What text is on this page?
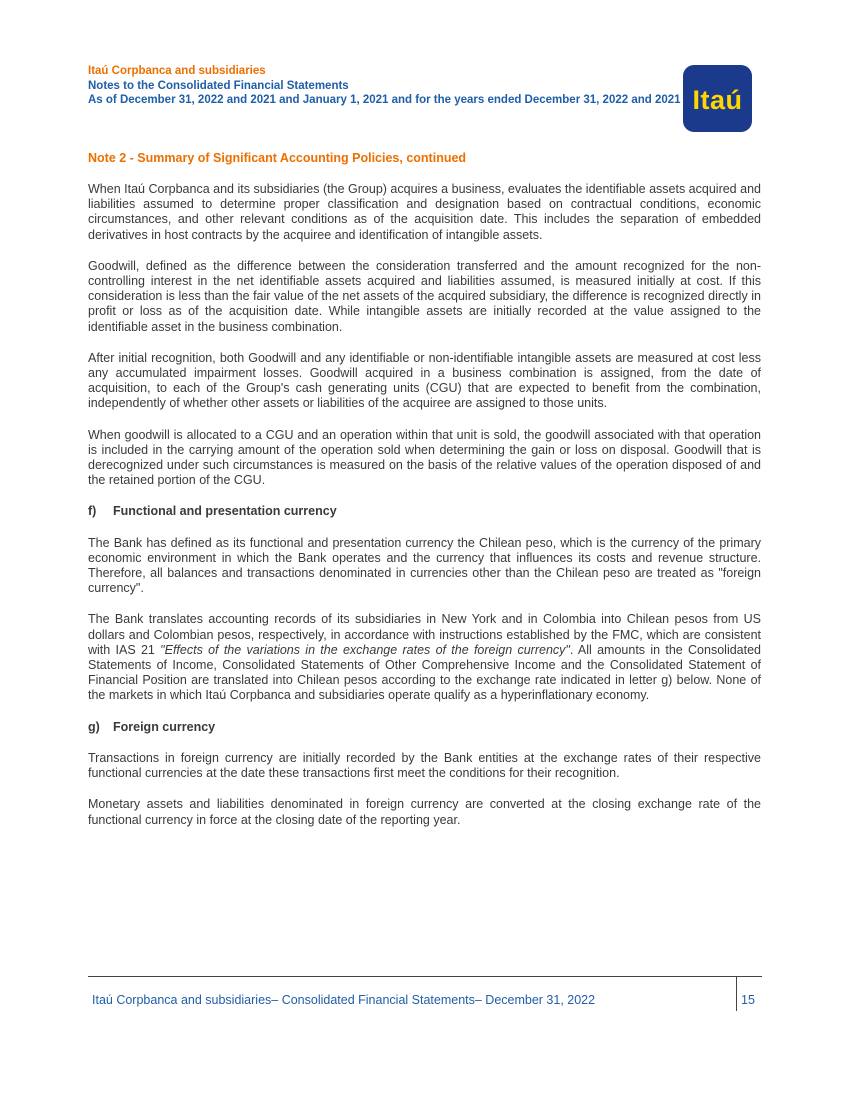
Itaú Corpbanca and subsidiaries
Notes to the Consolidated Financial Statements
As of December 31, 2022 and 2021 and January 1, 2021 and for the years ended December 31, 2022 and 2021 Itaú
Note 2 - Summary of Significant Accounting Policies, continued

When Itaú Corpbanca and its subsidiaries (the Group) acquires a business, evaluates the identifiable assets acquired and liabilities assumed to determine proper classification and designation based on contractual conditions, economic circumstances, and other relevant conditions as of the acquisition date. This includes the separation of embedded derivatives in host contracts by the acquiree and identification of intangible assets.

Goodwill, defined as the difference between the consideration transferred and the amount recognized for the non-controlling interest in the net identifiable assets acquired and liabilities assumed, is measured initially at cost. If this consideration is less than the fair value of the net assets of the acquired subsidiary, the difference is recognized directly in profit or loss as of the acquisition date. While intangible assets are initially recorded at the value assigned to the identifiable asset in the business combination.

After initial recognition, both Goodwill and any identifiable or non-identifiable intangible assets are measured at cost less any accumulated impairment losses. Goodwill acquired in a business combination is assigned, from the date of acquisition, to each of the Group's cash generating units (CGU) that are expected to benefit from the combination, independently of whether other assets or liabilities of the acquiree are assigned to those units.

When goodwill is allocated to a CGU and an operation within that unit is sold, the goodwill associated with that operation is included in the carrying amount of the operation sold when determining the gain or loss on disposal. Goodwill that is derecognized under such circumstances is measured on the basis of the relative values of the operation disposed of and the retained portion of the CGU.

f) Functional and presentation currency

The Bank has defined as its functional and presentation currency the Chilean peso, which is the currency of the primary economic environment in which the Bank operates and the currency that influences its costs and revenue structure. Therefore, all balances and transactions denominated in currencies other than the Chilean peso are treated as "foreign currency".

The Bank translates accounting records of its subsidiaries in New York and in Colombia into Chilean pesos from US dollars and Colombian pesos, respectively, in accordance with instructions established by the FMC, which are consistent with IAS 21 "Effects of the variations in the exchange rates of the foreign currency". All amounts in the Consolidated Statements of Income, Consolidated Statements of Other Comprehensive Income and the Consolidated Statement of Financial Position are translated into Chilean pesos according to the exchange rate indicated in letter g) below. None of the markets in which Itaú Corpbanca and subsidiaries operate qualify as a hyperinflationary economy.

g) Foreign currency

Transactions in foreign currency are initially recorded by the Bank entities at the exchange rates of their respective functional currencies at the date these transactions first meet the conditions for their recognition.

Monetary assets and liabilities denominated in foreign currency are converted at the closing exchange rate of the functional currency in force at the closing date of the reporting year.

Itaú Corpbanca and subsidiaries– Consolidated Financial Statements– December 31, 2022	15
